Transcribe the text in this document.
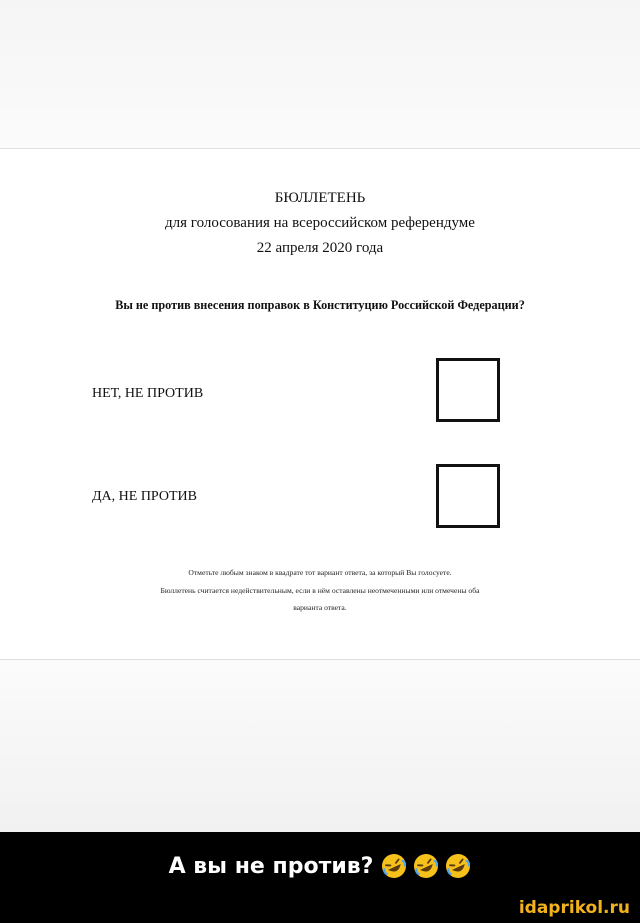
БЮЛЛЕТЕНЬ
для голосования на всероссийском референдуме
22 апреля 2020 года
Вы не против внесения поправок в Конституцию Российской Федерации?
НЕТ, НЕ ПРОТИВ
ДА, НЕ ПРОТИВ
Отметьте любым знаком в квадрате тот вариант ответа, за который Вы голосуете.
Бюллетень считается недействительным, если в нём оставлены неотмеченными или отмечены оба
варианта ответа.
А вы не против?
idaprikol.ru
